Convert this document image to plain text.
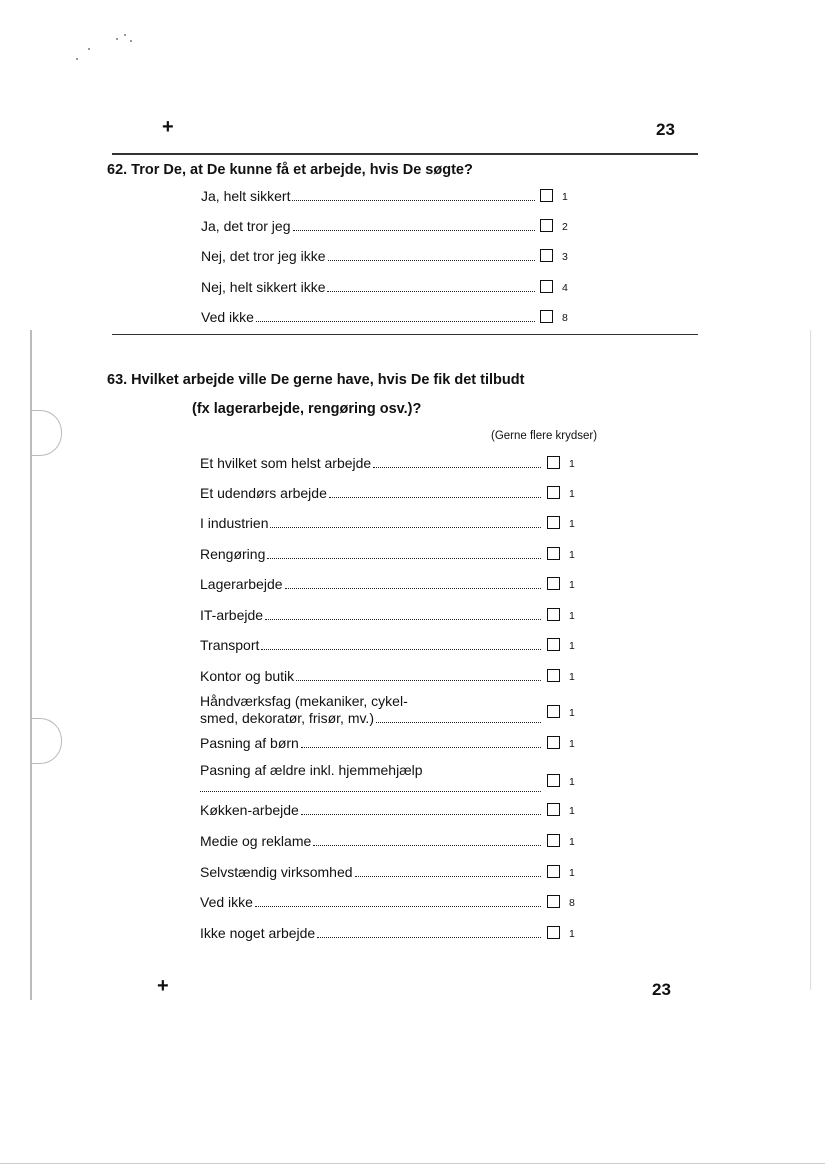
+	23
62. Tror De, at De kunne få et arbejde, hvis De søgte?
Ja, helt sikkert	1
Ja, det tror jeg	2
Nej, det tror jeg ikke	3
Nej, helt sikkert ikke	4
Ved ikke	8
63. Hvilket arbejde ville De gerne have, hvis De fik det tilbudt
(fx lagerarbejde, rengøring osv.)?
(Gerne flere krydser)
Et hvilket som helst arbejde	1
Et udendørs arbejde	1
I industrien	1
Rengøring	1
Lagerarbejde	1
IT-arbejde	1
Transport	1
Kontor og butik	1
Håndværksfag (mekaniker, cykel-
smed, dekoratør, frisør, mv.)	1
Pasning af børn	1
Pasning af ældre inkl. hjemmehjælp
1
Køkken-arbejde	1
Medie og reklame	1
Selvstændig virksomhed	1
Ved ikke	8
Ikke noget arbejde	1
+	23
